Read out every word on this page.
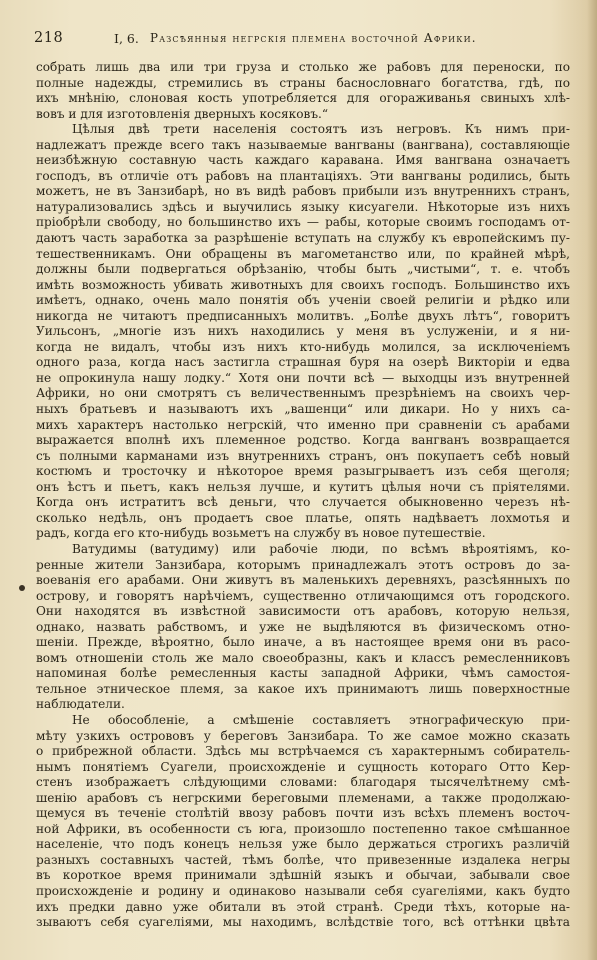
218	I, 6. Разсѣянныя негрскія племена восточной Африки.
собрать лишь два или три груза и столько же рабовъ для переноски, по
полные надежды, стремились въ страны баснословнаго богатства, гдѣ, по
ихъ мнѣнію, слоновая кость употребляется для огораживанья свиныхъ хлѣ-
вовъ и для изготовленія дверныхъ косяковъ.“
Цѣлыя двѣ трети населенія состоятъ изъ негровъ. Къ нимъ при-
надлежатъ прежде всего такъ называемые вангваны (вангвана), составляющіе
неизбѣжную составную часть каждаго каравана. Имя вангвана означаетъ
господъ, въ отличіе отъ рабовъ на плантаціяхъ. Эти вангваны родились, быть
можетъ, не въ Занзибарѣ, но въ видѣ рабовъ прибыли изъ внутреннихъ странъ,
натурализовались здѣсь и выучились языку кисуагели. Нѣкоторые изъ нихъ
пріобрѣли свободу, но большинство ихъ — рабы, которые своимъ господамъ от-
даютъ часть заработка за разрѣшеніе вступать на службу къ европейскимъ пу-
тешественникамъ. Они обращены въ магометанство или, по крайней мѣрѣ,
должны были подвергаться обрѣзанію, чтобы быть „чистыми“, т. е. чтобъ
имѣть возможность убивать животныхъ для своихъ господъ. Большинство ихъ
имѣетъ, однако, очень мало понятія объ ученіи своей религіи и рѣдко или
никогда не читаютъ предписанныхъ молитвъ. „Болѣе двухъ лѣтъ“, говоритъ
Уильсонъ, „многіе изъ нихъ находились у меня въ услуженіи, и я ни-
когда не видалъ, чтобы изъ нихъ кто-нибудь молился, за исключеніемъ
одного раза, когда насъ застигла страшная буря на озерѣ Викторіи и едва
не опрокинула нашу лодку.“ Хотя они почти всѣ — выходцы изъ внутренней
Африки, но они смотрятъ съ величественнымъ презрѣніемъ на своихъ чер-
ныхъ братьевъ и называютъ ихъ „вашенци“ или дикари. Но у нихъ са-
михъ характеръ настолько негрскій, что именно при сравненіи съ арабами
выражается вполнѣ ихъ племенное родство. Когда вангванъ возвращается
съ полными карманами изъ внутреннихъ странъ, онъ покупаетъ себѣ новый
костюмъ и тросточку и нѣкоторое время разыгрываетъ изъ себя щеголя;
онъ ѣстъ и пьетъ, какъ нельзя лучше, и кутитъ цѣлыя ночи съ пріятелями.
Когда онъ истратитъ всѣ деньги, что случается обыкновенно черезъ нѣ-
сколько недѣль, онъ продаетъ свое платье, опять надѣваетъ лохмотья и
радъ, когда его кто-нибудь возьметъ на службу въ новое путешествіе.
Ватудимы (ватудиму) или рабочіе люди, по всѣмъ вѣроятіямъ, ко-
ренные жители Занзибара, которымъ принадлежалъ этотъ островъ до за-
воеванія его арабами. Они живутъ въ маленькихъ деревняхъ, разсѣянныхъ по
острову, и говорятъ нарѣчіемъ, существенно отличающимся отъ городского.
Они находятся въ извѣстной зависимости отъ арабовъ, которую нельзя,
однако, назвать рабствомъ, и уже не выдѣляются въ физическомъ отно-
шеніи. Прежде, вѣроятно, было иначе, а въ настоящее время они въ расо-
вомъ отношеніи столь же мало своеобразны, какъ и классъ ремесленниковъ
напоминая болѣе ремесленныя касты западной Африки, чѣмъ самостоя-
тельное этническое племя, за какое ихъ принимаютъ лишь поверхностные
наблюдатели.
Не обособленіе, а смѣшеніе составляетъ этнографическую при-
мѣту узкихъ острововъ у береговъ Занзибара. То же самое можно сказать
о прибрежной области. Здѣсь мы встрѣчаемся съ характернымъ собиратель-
нымъ понятіемъ Суагели, происхожденіе и сущность котораго Отто Кер-
стенъ изображаетъ слѣдующими словами: благодаря тысячелѣтнему смѣ-
шенію арабовъ съ негрскими береговыми племенами, а также продолжаю-
щемуся въ теченіе столѣтій ввозу рабовъ почти изъ всѣхъ племенъ восточ-
ной Африки, въ особенности съ юга, произошло постепенно такое смѣшанное
населеніе, что подъ конецъ нельзя уже было держаться строгихъ различій
разныхъ составныхъ частей, тѣмъ болѣе, что привезенные издалека негры
въ короткое время принимали здѣшній языкъ и обычаи, забывали свое
происхожденіе и родину и одинаково называли себя суагеліями, какъ будто
ихъ предки давно уже обитали въ этой странѣ. Среди тѣхъ, которые на-
зываютъ себя суагеліями, мы находимъ, вслѣдствіе того, всѣ оттѣнки цвѣта
